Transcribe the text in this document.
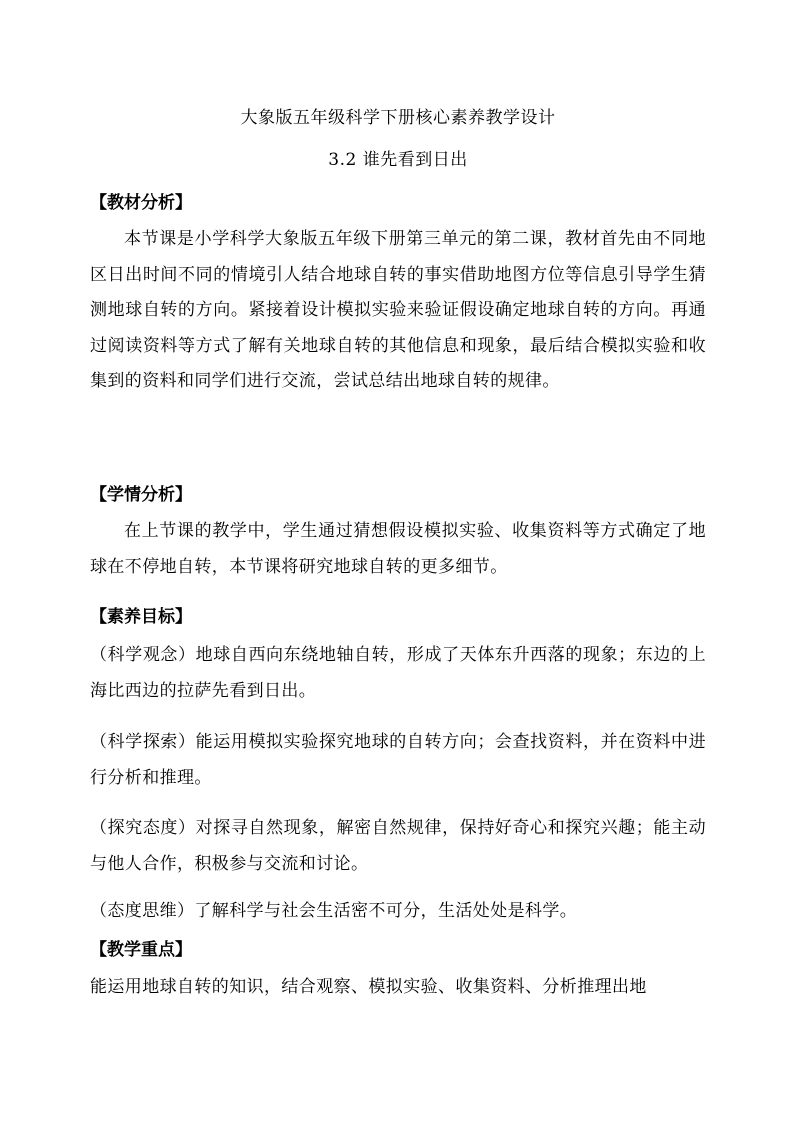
大象版五年级科学下册核心素养教学设计
3.2 谁先看到日出
【教材分析】
本节课是小学科学大象版五年级下册第三单元的第二课，教材首先由不同地区日出时间不同的情境引人结合地球自转的事实借助地图方位等信息引导学生猜测地球自转的方向。紧接着设计模拟实验来验证假设确定地球自转的方向。再通过阅读资料等方式了解有关地球自转的其他信息和现象，最后结合模拟实验和收集到的资料和同学们进行交流，尝试总结出地球自转的规律。
【学情分析】
在上节课的教学中，学生通过猜想假设模拟实验、收集资料等方式确定了地球在不停地自转，本节课将研究地球自转的更多细节。
【素养目标】
（科学观念）地球自西向东绕地轴自转，形成了天体东升西落的现象；东边的上海比西边的拉萨先看到日出。
（科学探索）能运用模拟实验探究地球的自转方向；会查找资料，并在资料中进行分析和推理。
（探究态度）对探寻自然现象，解密自然规律，保持好奇心和探究兴趣；能主动与他人合作，积极参与交流和讨论。
（态度思维）了解科学与社会生活密不可分，生活处处是科学。
【教学重点】
能运用地球自转的知识，结合观察、模拟实验、收集资料、分析推理出地
